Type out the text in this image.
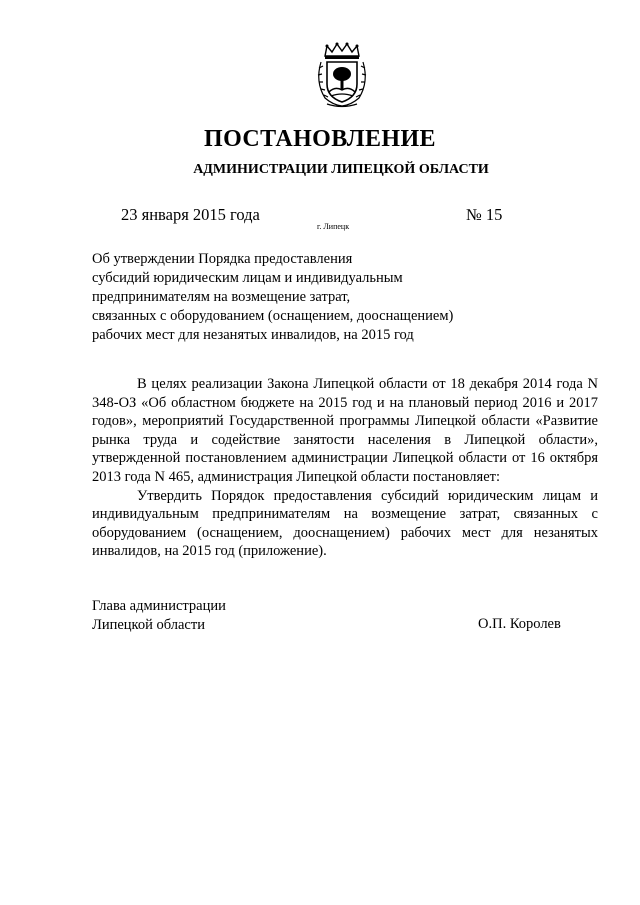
ПОСТАНОВЛЕНИЕ
АДМИНИСТРАЦИИ ЛИПЕЦКОЙ ОБЛАСТИ
23 января 2015 года
г. Липецк
№ 15
Об утверждении Порядка предоставления
субсидий юридическим лицам и индивидуальным
предпринимателям на возмещение затрат,
связанных с оборудованием (оснащением, дооснащением)
рабочих мест для незанятых инвалидов, на 2015 год

В целях реализации Закона Липецкой области от 18 декабря 2014 года N 348-ОЗ «Об областном бюджете на 2015 год и на плановый период 2016 и 2017 годов», мероприятий Государственной программы Липецкой области «Развитие рынка труда и содействие занятости населения в Липецкой области», утвержденной постановлением администрации Липецкой области от 16 октября 2013 года N 465, администрация Липецкой области постановляет:

Утвердить Порядок предоставления субсидий юридическим лицам и индивидуальным предпринимателям на возмещение затрат, связанных с оборудованием (оснащением, дооснащением) рабочих мест для незанятых инвалидов, на 2015 год (приложение).

Глава администрации
Липецкой области	О.П. Королев
